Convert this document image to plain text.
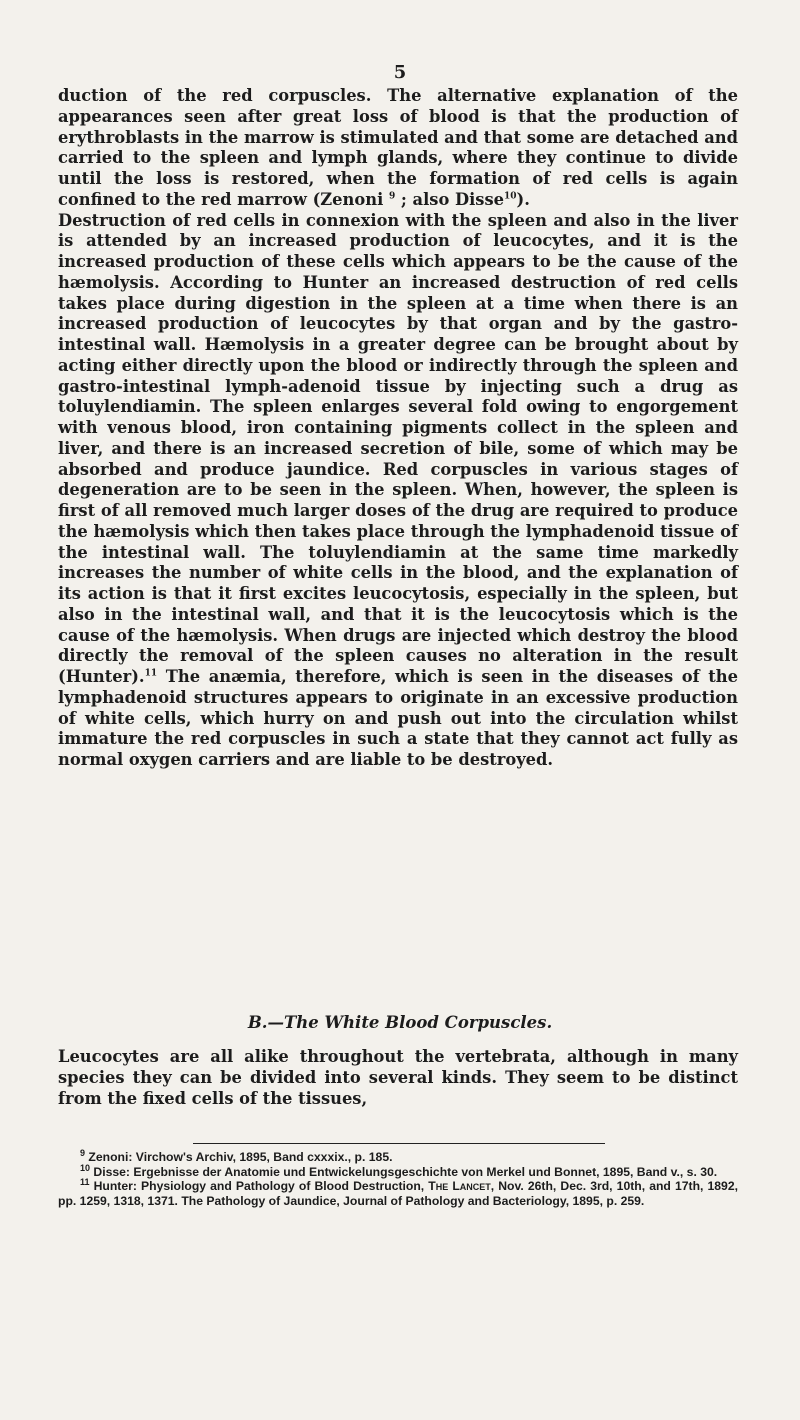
5

duction of the red corpuscles. The alternative explanation of the appearances seen after great loss of blood is that the production of erythroblasts in the marrow is stimulated and that some are detached and carried to the spleen and lymph glands, where they continue to divide until the loss is restored, when the formation of red cells is again confined to the red marrow (Zenoni $^9$ ; also Disse$^{10}$).

Destruction of red cells in connexion with the spleen and also in the liver is attended by an increased production of leucocytes, and it is the increased production of these cells which appears to be the cause of the hæmolysis. According to Hunter an increased destruction of red cells takes place during digestion in the spleen at a time when there is an increased production of leucocytes by that organ and by the gastro-intestinal wall. Hæmolysis in a greater degree can be brought about by acting either directly upon the blood or indirectly through the spleen and gastro-intestinal lymph-adenoid tissue by injecting such a drug as toluylendiamin. The spleen enlarges several fold owing to engorgement with venous blood, iron containing pigments collect in the spleen and liver, and there is an increased secretion of bile, some of which may be absorbed and produce jaundice. Red corpuscles in various stages of degeneration are to be seen in the spleen. When, however, the spleen is first of all removed much larger doses of the drug are required to produce the hæmolysis which then takes place through the lymphadenoid tissue of the intestinal wall. The toluylendiamin at the same time markedly increases the number of white cells in the blood, and the explanation of its action is that it first excites leucocytosis, especially in the spleen, but also in the intestinal wall, and that it is the leucocytosis which is the cause of the hæmolysis. When drugs are injected which destroy the blood directly the removal of the spleen causes no alteration in the result (Hunter).$^{11}$ The anæmia, therefore, which is seen in the diseases of the lymphadenoid structures appears to originate in an excessive production of white cells, which hurry on and push out into the circulation whilst immature the red corpuscles in such a state that they cannot act fully as normal oxygen carriers and are liable to be destroyed.

B.—The White Blood Corpuscles.

Leucocytes are all alike throughout the vertebrata, although in many species they can be divided into several kinds. They seem to be distinct from the fixed cells of the tissues,

$^9$ Zenoni: Virchow's Archiv, 1895, Band cxxxix., p. 185.

$^{10}$ Disse: Ergebnisse der Anatomie und Entwickelungsgeschichte von Merkel und Bonnet, 1895, Band v., s. 30.

$^{11}$ Hunter: Physiology and Pathology of Blood Destruction, The Lancet, Nov. 26th, Dec. 3rd, 10th, and 17th, 1892, pp. 1259, 1318, 1371. The Pathology of Jaundice, Journal of Pathology and Bacteriology, 1895, p. 259.
